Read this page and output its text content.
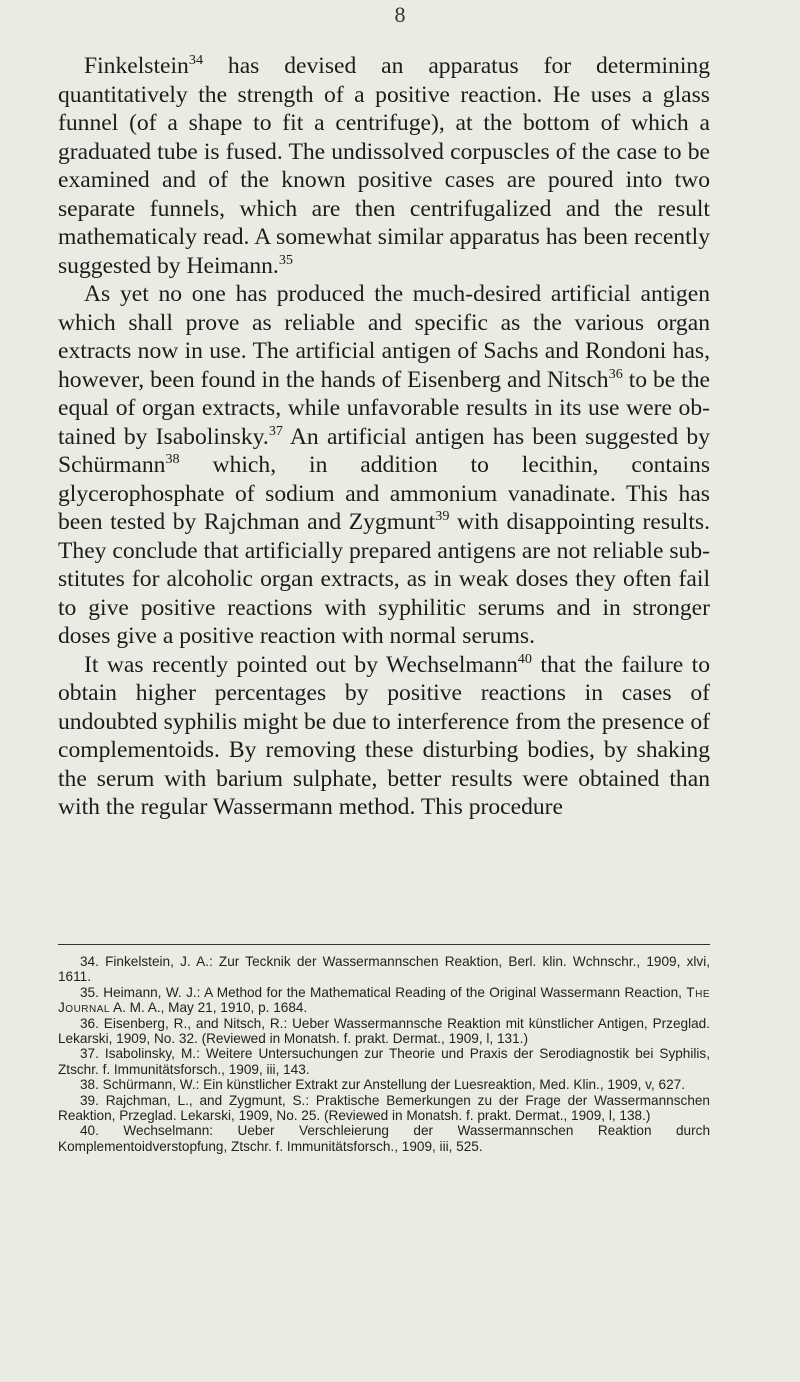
8

Finkelstein$^{34}$ has devised an apparatus for determining quantitatively the strength of a positive reaction. He uses a glass funnel (of a shape to fit a centrifuge), at the bottom of which a graduated tube is fused. The undissolved corpuscles of the case to be examined and of the known positive cases are poured into two separate funnels, which are then centrifugalized and the result mathematicaly read. A somewhat similar apparatus has been recently suggested by Heimann.$^{35}$

As yet no one has produced the much-desired artificial antigen which shall prove as reliable and specific as the various organ extracts now in use. The artificial antigen of Sachs and Rondoni has, however, been found in the hands of Eisenberg and Nitsch$^{36}$ to be the equal of organ extracts, while unfavorable results in its use were obtained by Isabolinsky.$^{37}$ An artificial antigen has been suggested by Schürmann$^{38}$ which, in addition to lecithin, contains glycerophosphate of sodium and ammonium vanadinate. This has been tested by Rajchman and Zygmunt$^{39}$ with disappointing results. They conclude that artificially prepared antigens are not reliable substitutes for alcoholic organ extracts, as in weak doses they often fail to give positive reactions with syphilitic serums and in stronger doses give a positive reaction with normal serums.

It was recently pointed out by Wechselmann$^{40}$ that the failure to obtain higher percentages by positive reactions in cases of undoubted syphilis might be due to interference from the presence of complementoids. By removing these disturbing bodies, by shaking the serum with barium sulphate, better results were obtained than with the regular Wassermann method. This procedure

34. Finkelstein, J. A.: Zur Tecknik der Wassermannschen Reaktion, Berl. klin. Wchnschr., 1909, xlvi, 1611.

35. Heimann, W. J.: A Method for the Mathematical Reading of the Original Wassermann Reaction, The Journal A. M. A., May 21, 1910, p. 1684.

36. Eisenberg, R., and Nitsch, R.: Ueber Wassermannsche Reaktion mit künstlicher Antigen, Przeglad. Lekarski, 1909, No. 32. (Reviewed in Monatsh. f. prakt. Dermat., 1909, l, 131.)

37. Isabolinsky, M.: Weitere Untersuchungen zur Theorie und Praxis der Serodiagnostik bei Syphilis, Ztschr. f. Immunitätsforsch., 1909, iii, 143.

38. Schürmann, W.: Ein künstlicher Extrakt zur Anstellung der Luesreaktion, Med. Klin., 1909, v, 627.

39. Rajchman, L., and Zygmunt, S.: Praktische Bemerkungen zu der Frage der Wassermannschen Reaktion, Przeglad. Lekarski, 1909, No. 25. (Reviewed in Monatsh. f. prakt. Dermat., 1909, l, 138.)

40. Wechselmann: Ueber Verschleierung der Wassermannschen Reaktion durch Komplementoidverstopfung, Ztschr. f. Immunitätsforsch., 1909, iii, 525.
